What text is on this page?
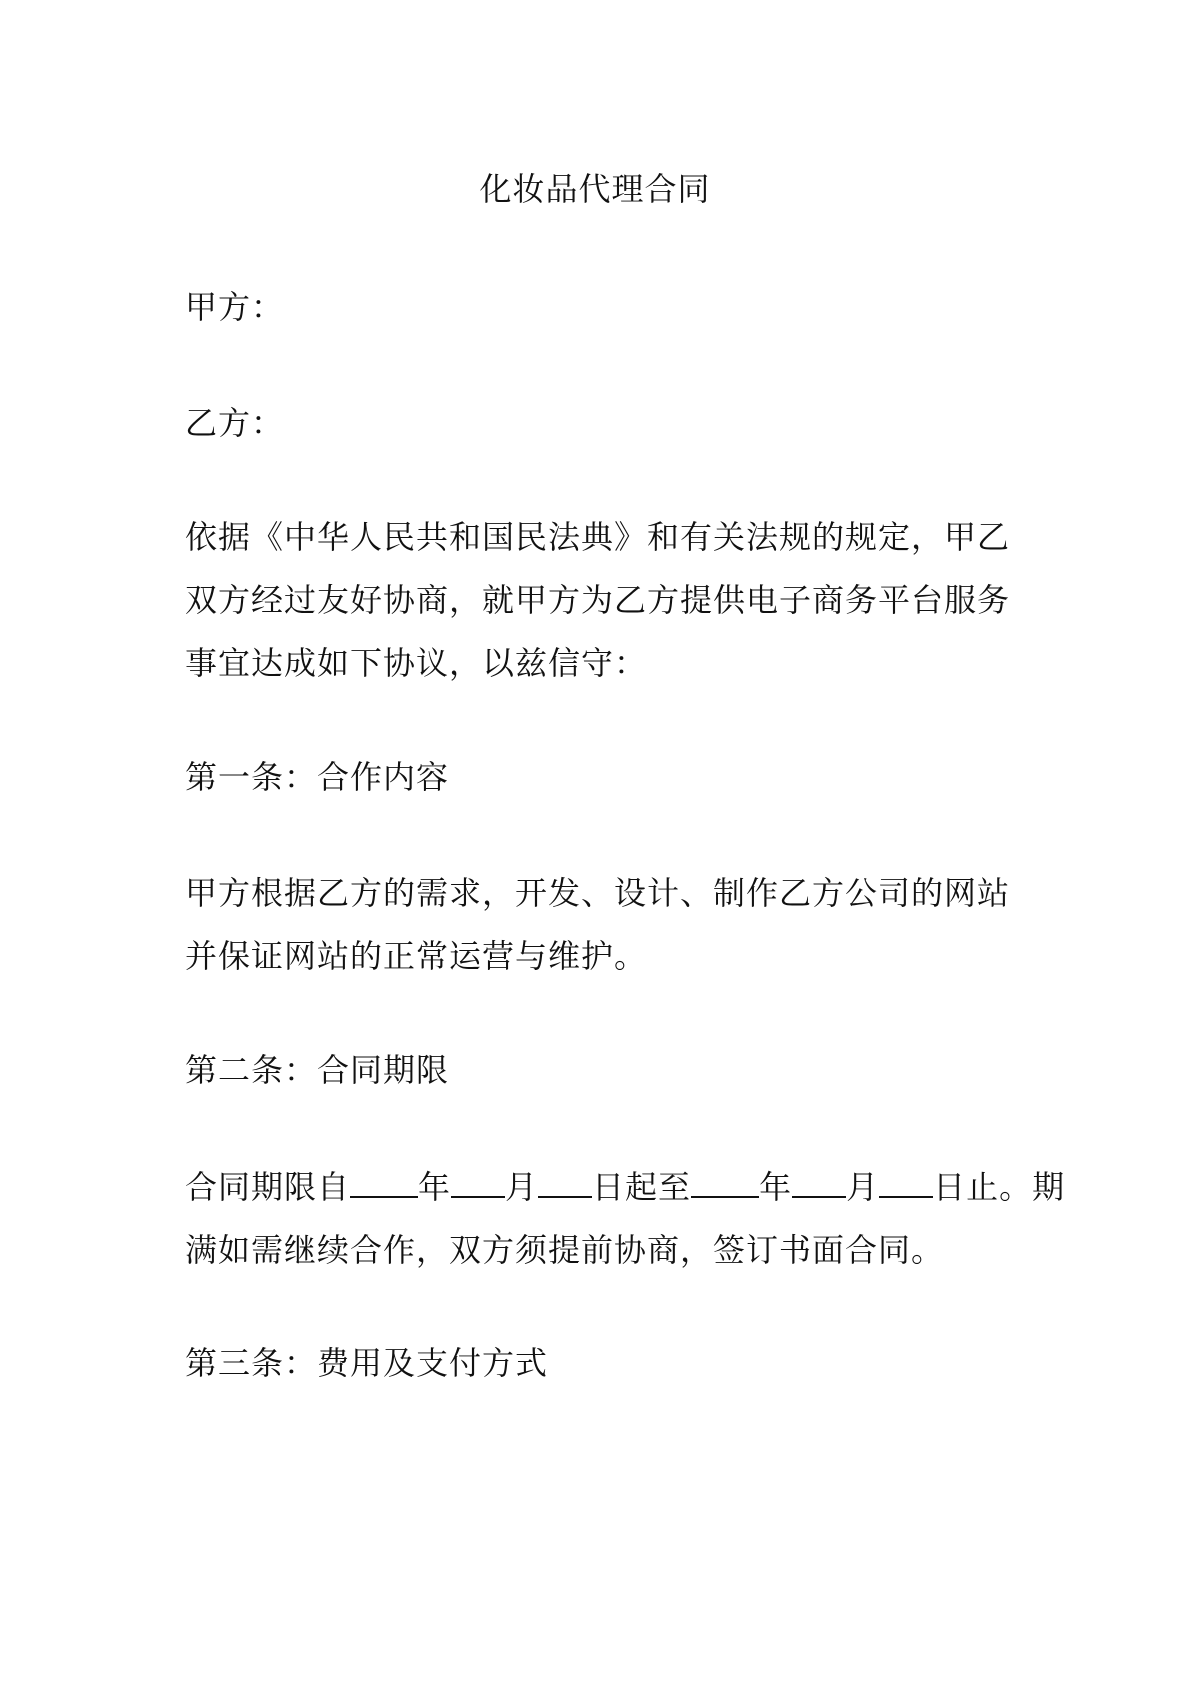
化妆品代理合同
甲方：
乙方：
依据《中华人民共和国民法典》和有关法规的规定，甲乙
双方经过友好协商，就甲方为乙方提供电子商务平台服务
事宜达成如下协议，以兹信守：
第一条：合作内容
甲方根据乙方的需求，开发、设计、制作乙方公司的网站
并保证网站的正常运营与维护。
第二条：合同期限
合同期限自 年 月 日起至 年 月 日止。期
满如需继续合作，双方须提前协商，签订书面合同。
第三条：费用及支付方式
